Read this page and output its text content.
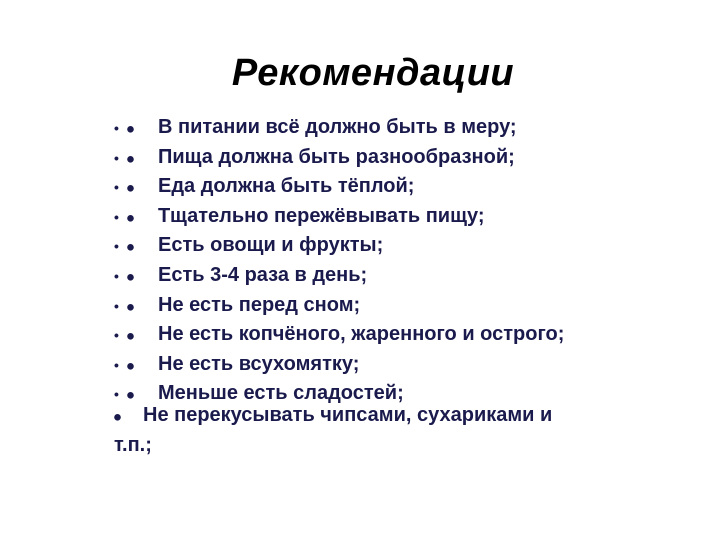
Рекомендации
• ⦁	В питании всё должно быть в меру;
• ⦁	Пища должна быть разнообразной;
• ⦁	Еда должна быть тёплой;
• ⦁	Тщательно пережёвывать пищу;
• ⦁	Есть овощи и фрукты;
• ⦁	Есть 3-4 раза в день;
• ⦁	Не есть перед сном;
• ⦁	Не есть копчёного, жаренного и острого;
• ⦁	Не есть всухомятку;
• ⦁	Меньше есть сладостей;
⦁ Не перекусывать чипсами, сухариками и
т.п.;
